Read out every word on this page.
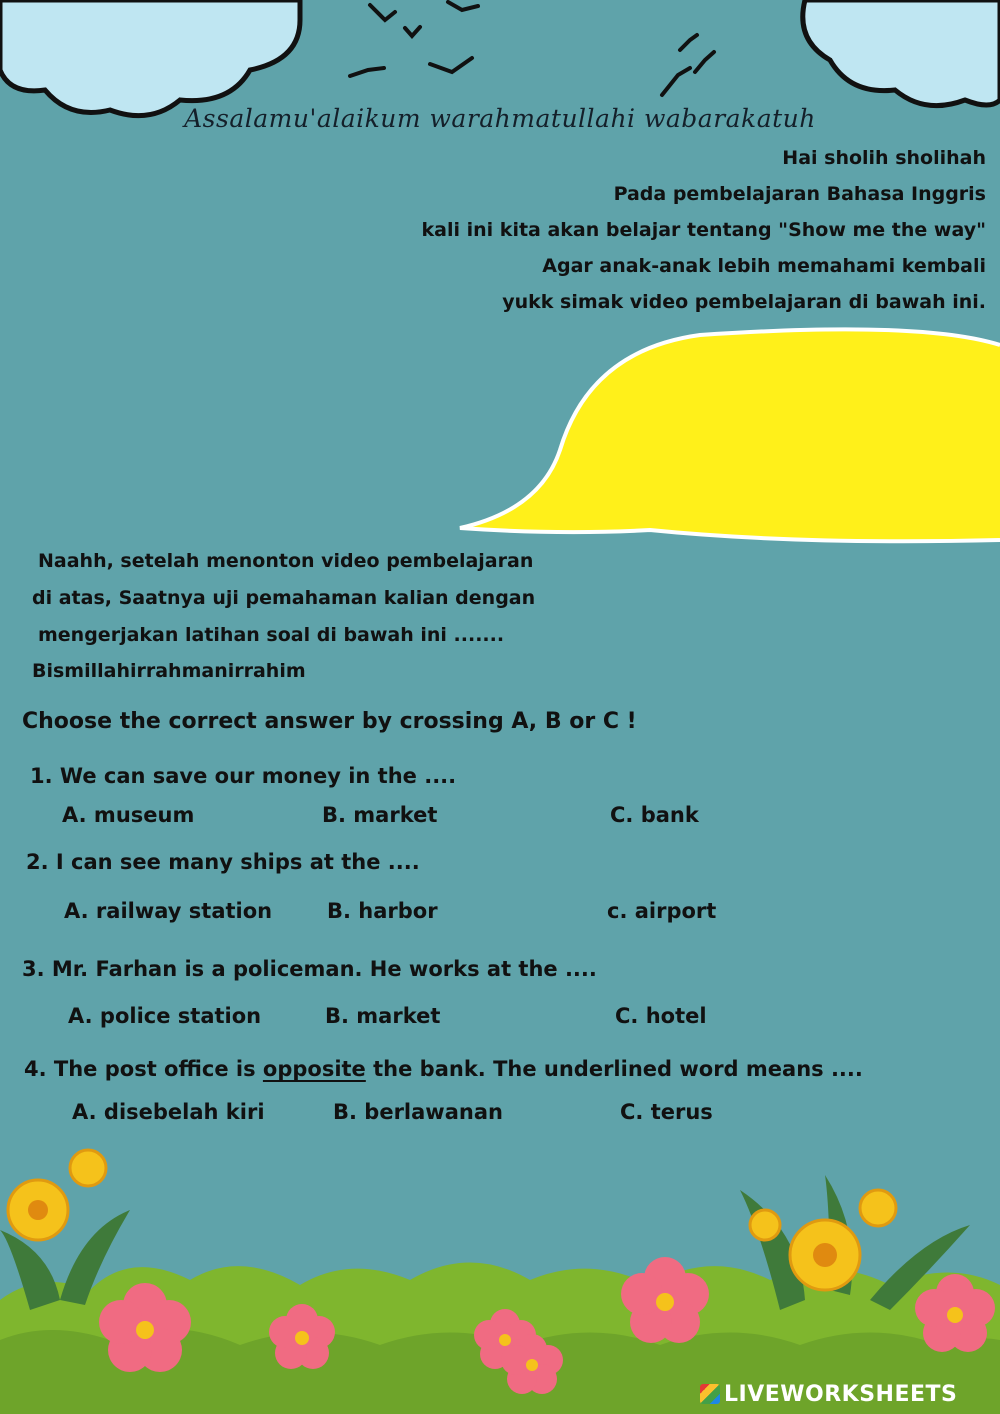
Assalamu'alaikum warahmatullahi wabarakatuh
Hai sholih sholihah
Pada pembelajaran Bahasa Inggris
kali ini kita akan belajar tentang "Show me the way"
Agar anak-anak lebih memahami kembali
yukk simak video pembelajaran di bawah ini.
Naahh, setelah menonton video pembelajaran
di atas, Saatnya uji pemahaman kalian dengan
mengerjakan latihan soal di bawah ini .......
Bismillahirrahmanirrahim
Choose the correct answer by crossing A, B or C !
1. We can save our money in the ....
A. museum	B. market	C. bank
2. I can see many ships at the ....
A. railway station	B. harbor	c. airport
3. Mr. Farhan is a policeman. He works at the ....
A. police station	B. market	C. hotel
4. The post office is opposite the bank. The underlined word means ....
A. disebelah kiri	B. berlawanan	C. terus
LIVEWORKSHEETS
